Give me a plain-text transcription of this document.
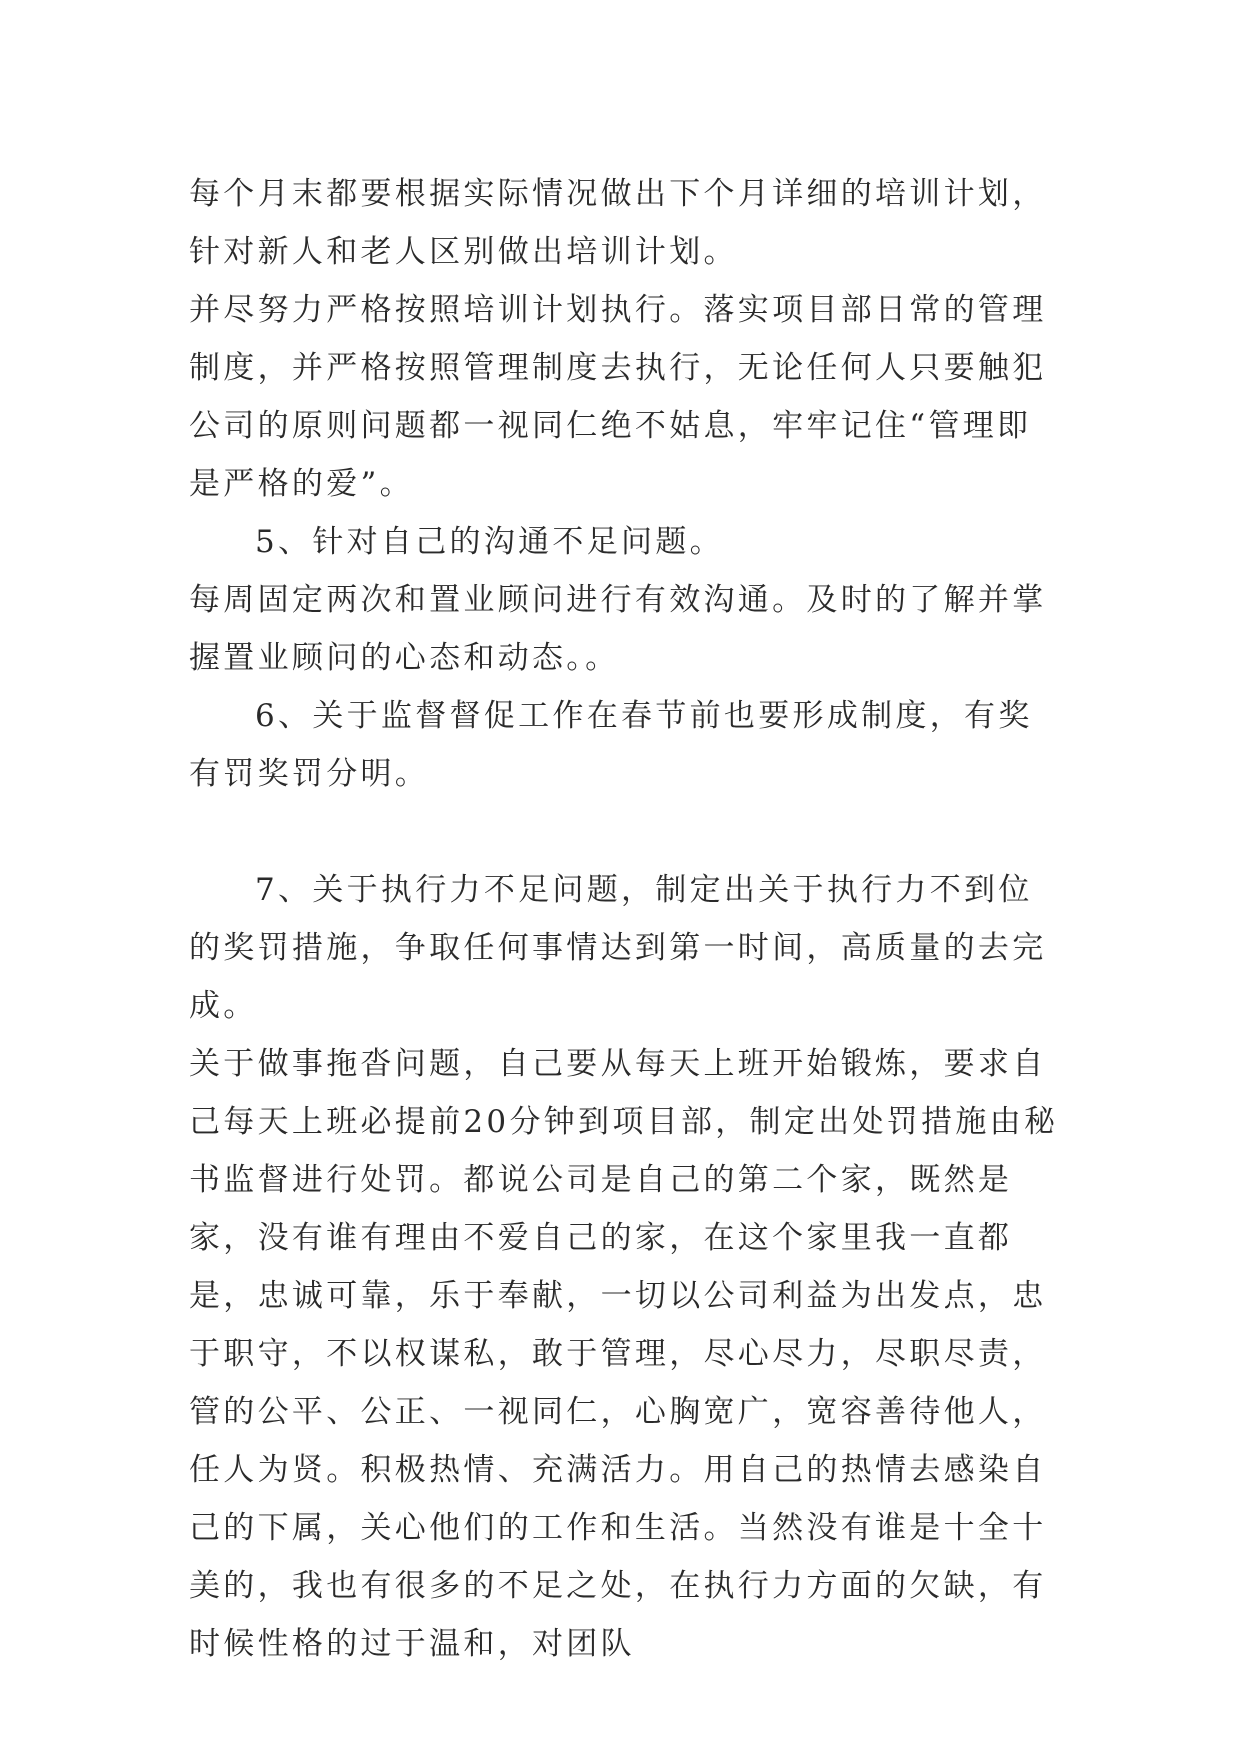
每个月末都要根据实际情况做出下个月详细的培训计划，针对新人和老人区别做出培训计划。

并尽努力严格按照培训计划执行。落实项目部日常的管理制度，并严格按照管理制度去执行，无论任何人只要触犯公司的原则问题都一视同仁绝不姑息，牢牢记住“管理即是严格的爱”。

5、针对自己的沟通不足问题。

每周固定两次和置业顾问进行有效沟通。及时的了解并掌握置业顾问的心态和动态。。

6、关于监督督促工作在春节前也要形成制度，有奖有罚奖罚分明。

7、关于执行力不足问题，制定出关于执行力不到位的奖罚措施，争取任何事情达到第一时间，高质量的去完成。

关于做事拖沓问题，自己要从每天上班开始锻炼，要求自己每天上班必提前20分钟到项目部，制定出处罚措施由秘书监督进行处罚。都说公司是自己的第二个家，既然是家，没有谁有理由不爱自己的家，在这个家里我一直都是，忠诚可靠，乐于奉献，一切以公司利益为出发点，忠于职守，不以权谋私，敢于管理，尽心尽力，尽职尽责，管的公平、公正、一视同仁，心胸宽广，宽容善待他人，任人为贤。积极热情、充满活力。用自己的热情去感染自己的下属，关心他们的工作和生活。当然没有谁是十全十美的，我也有很多的不足之处，在执行力方面的欠缺，有时候性格的过于温和，对团队
